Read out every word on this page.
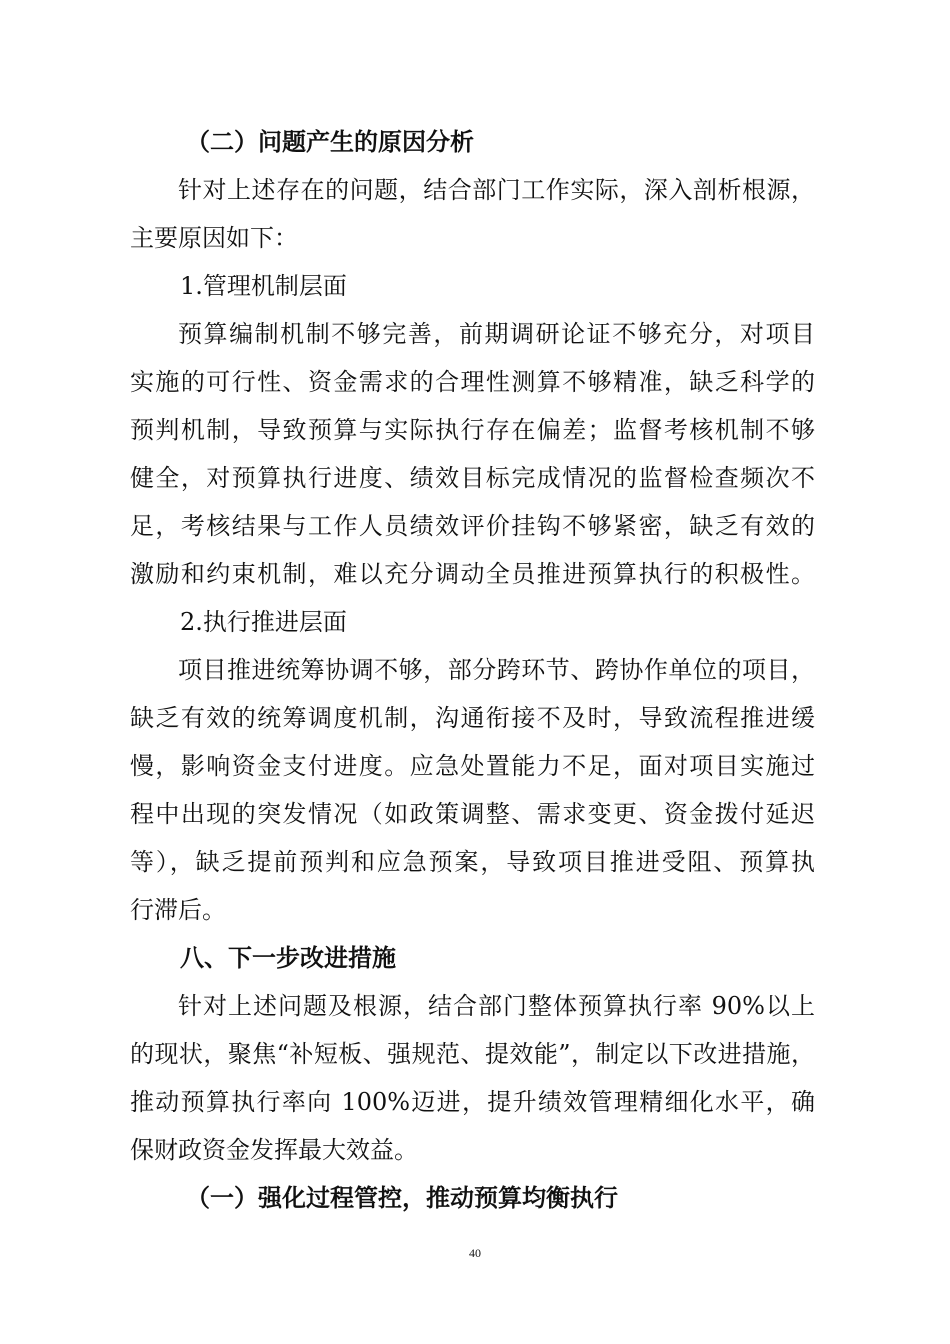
（二）问题产生的原因分析
针对上述存在的问题，结合部门工作实际，深入剖析根源，
主要原因如下：
1.管理机制层面
预算编制机制不够完善，前期调研论证不够充分，对项目
实施的可行性、资金需求的合理性测算不够精准，缺乏科学的
预判机制，导致预算与实际执行存在偏差；监督考核机制不够
健全，对预算执行进度、绩效目标完成情况的监督检查频次不
足，考核结果与工作人员绩效评价挂钩不够紧密，缺乏有效的
激励和约束机制，难以充分调动全员推进预算执行的积极性。
2.执行推进层面
项目推进统筹协调不够，部分跨环节、跨协作单位的项目，
缺乏有效的统筹调度机制，沟通衔接不及时，导致流程推进缓
慢，影响资金支付进度。应急处置能力不足，面对项目实施过
程中出现的突发情况（如政策调整、需求变更、资金拨付延迟
等），缺乏提前预判和应急预案，导致项目推进受阻、预算执
行滞后。
八、下一步改进措施
针对上述问题及根源，结合部门整体预算执行率 90%以上
的现状，聚焦“补短板、强规范、提效能”，制定以下改进措施，
推动预算执行率向 100%迈进，提升绩效管理精细化水平，确
保财政资金发挥最大效益。
（一）强化过程管控，推动预算均衡执行
40
